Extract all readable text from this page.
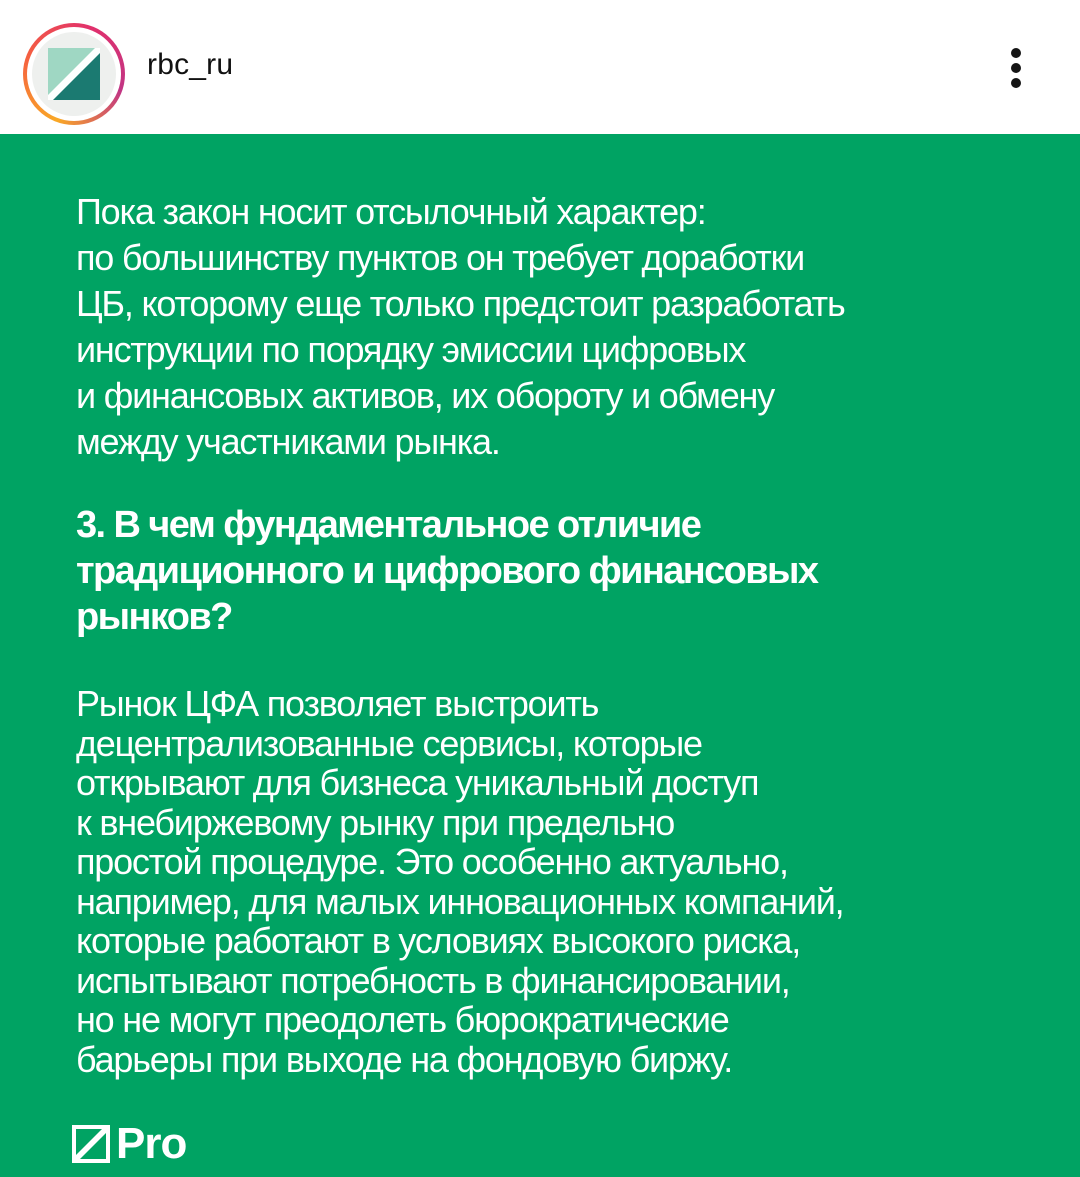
rbc_ru

Пока закон носит отсылочный характер:
по большинству пунктов он требует доработки
ЦБ, которому еще только предстоит разработать
инструкции по порядку эмиссии цифровых
и финансовых активов, их обороту и обмену
между участниками рынка.

3. В чем фундаментальное отличие
традиционного и цифрового финансовых
рынков?

Рынок ЦФА позволяет выстроить
децентрализованные сервисы, которые
открывают для бизнеса уникальный доступ
к внебиржевому рынку при предельно
простой процедуре. Это особенно актуально,
например, для малых инновационных компаний,
которые работают в условиях высокого риска,
испытывают потребность в финансировании,
но не могут преодолеть бюрократические
барьеры при выходе на фондовую биржу.

Pro
